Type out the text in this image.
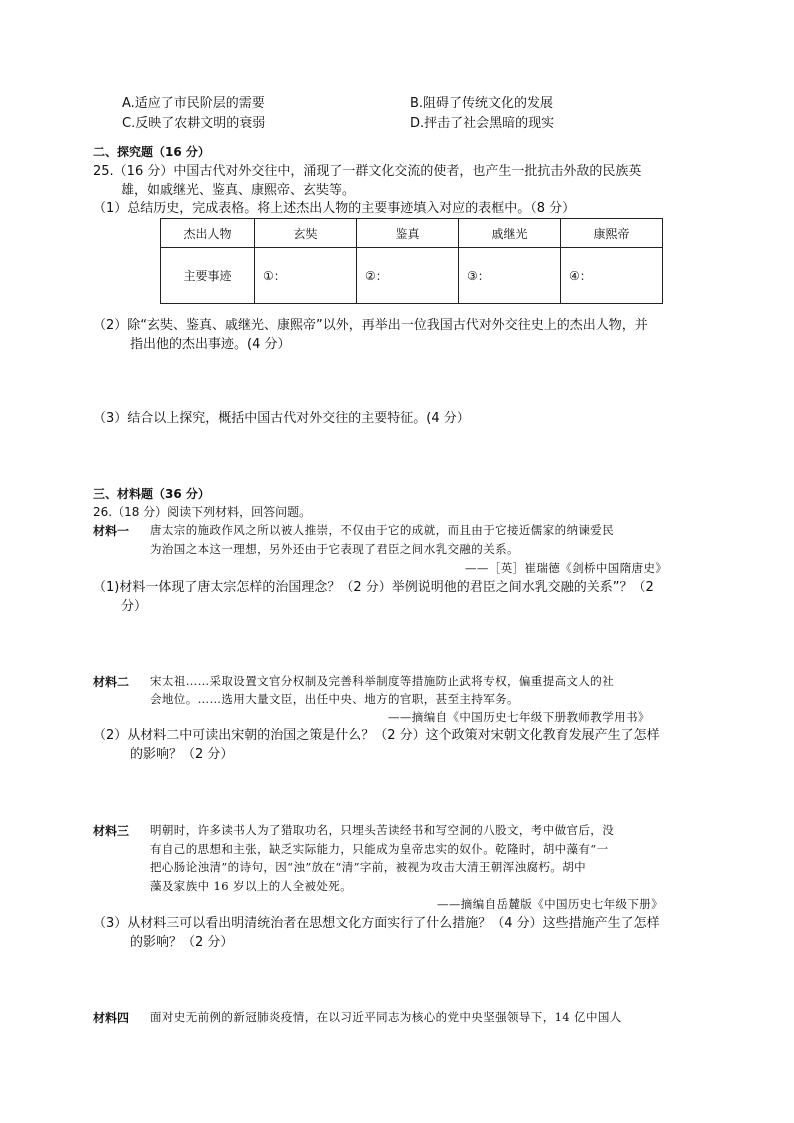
A.适应了市民阶层的需要	B.阻碍了传统文化的发展
C.反映了农耕文明的衰弱	D.抨击了社会黑暗的现实
二、探究题（16 分）
25.（16 分）中国古代对外交往中，涌现了一群文化交流的使者，也产生一批抗击外敌的民族英
雄，如戚继光、鉴真、康熙帝、玄奘等。
（1）总结历史，完成表格。将上述杰出人物的主要事迹填入对应的表框中。（8 分）
杰出人物	玄奘	鉴真	戚继光	康熙帝
主要事迹	①：	②：	③：	④：
（2）除“玄奘、鉴真、戚继光、康熙帝”以外，再举出一位我国古代对外交往史上的杰出人物，并
指出他的杰出事迹。(4 分）
（3）结合以上探究，概括中国古代对外交往的主要特征。(4 分）
三、材料题（36 分）
26.（18 分）阅读下列材料，回答问题。
材料一 唐太宗的施政作风之所以被人推崇，不仅由于它的成就，而且由于它接近儒家的纳谏爱民
为治国之本这一理想，另外还由于它表现了君臣之间水乳交融的关系。
——［英］崔瑞德《剑桥中国隋唐史》
（1)材料一体现了唐太宗怎样的治国理念？（2 分）举例说明他的君臣之间水乳交融的关系”？（2
分）
材料二 宋太祖……采取设置文官分权制及完善科举制度等措施防止武将专权，偏重提高文人的社
会地位。……选用大量文臣，出任中央、地方的官职，甚至主持军务。
——摘编自《中国历史七年级下册教师教学用书》
（2）从材料二中可读出宋朝的治国之策是什么？（2 分）这个政策对宋朝文化教育发展产生了怎样
的影响？（2 分）
材料三 明朝时，许多读书人为了猎取功名，只埋头苦读经书和写空洞的八股文，考中做官后，没
有自己的思想和主张，缺乏实际能力，只能成为皇帝忠实的奴仆。乾隆时，胡中藻有“一
把心肠论浊清”的诗句，因“浊”放在“清”字前，被视为攻击大清王朝浑浊腐朽。胡中
藻及家族中 16 岁以上的人全被处死。
——摘编自岳麓版《中国历史七年级下册》
（3）从材料三可以看出明清统治者在思想文化方面实行了什么措施？（4 分）这些措施产生了怎样
的影响？（2 分）
材料四 面对史无前例的新冠肺炎疫情，在以习近平同志为核心的党中央坚强领导下，14 亿中国人
